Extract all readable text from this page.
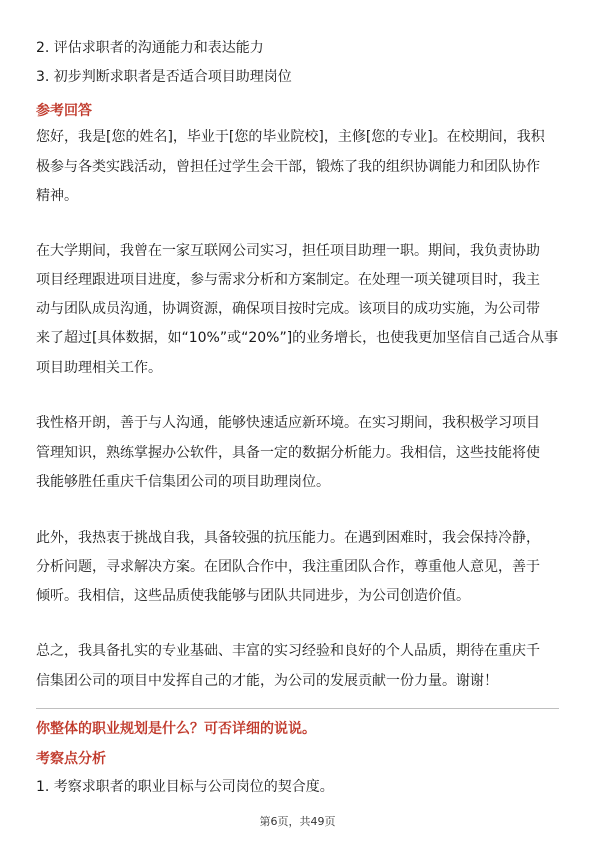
2. 评估求职者的沟通能力和表达能力
3. 初步判断求职者是否适合项目助理岗位
参考回答
您好，我是[您的姓名]，毕业于[您的毕业院校]，主修[您的专业]。在校期间，我积
极参与各类实践活动，曾担任过学生会干部，锻炼了我的组织协调能力和团队协作
精神。
在大学期间，我曾在一家互联网公司实习，担任项目助理一职。期间，我负责协助
项目经理跟进项目进度，参与需求分析和方案制定。在处理一项关键项目时，我主
动与团队成员沟通，协调资源，确保项目按时完成。该项目的成功实施，为公司带
来了超过[具体数据，如“10%”或“20%”]的业务增长，也使我更加坚信自己适合从事
项目助理相关工作。
我性格开朗，善于与人沟通，能够快速适应新环境。在实习期间，我积极学习项目
管理知识，熟练掌握办公软件，具备一定的数据分析能力。我相信，这些技能将使
我能够胜任重庆千信集团公司的项目助理岗位。
此外，我热衷于挑战自我，具备较强的抗压能力。在遇到困难时，我会保持冷静，
分析问题，寻求解决方案。在团队合作中，我注重团队合作，尊重他人意见，善于
倾听。我相信，这些品质使我能够与团队共同进步，为公司创造价值。
总之，我具备扎实的专业基础、丰富的实习经验和良好的个人品质，期待在重庆千
信集团公司的项目中发挥自己的才能，为公司的发展贡献一份力量。谢谢！
你整体的职业规划是什么？可否详细的说说。
考察点分析
1. 考察求职者的职业目标与公司岗位的契合度。
第6页，共49页
